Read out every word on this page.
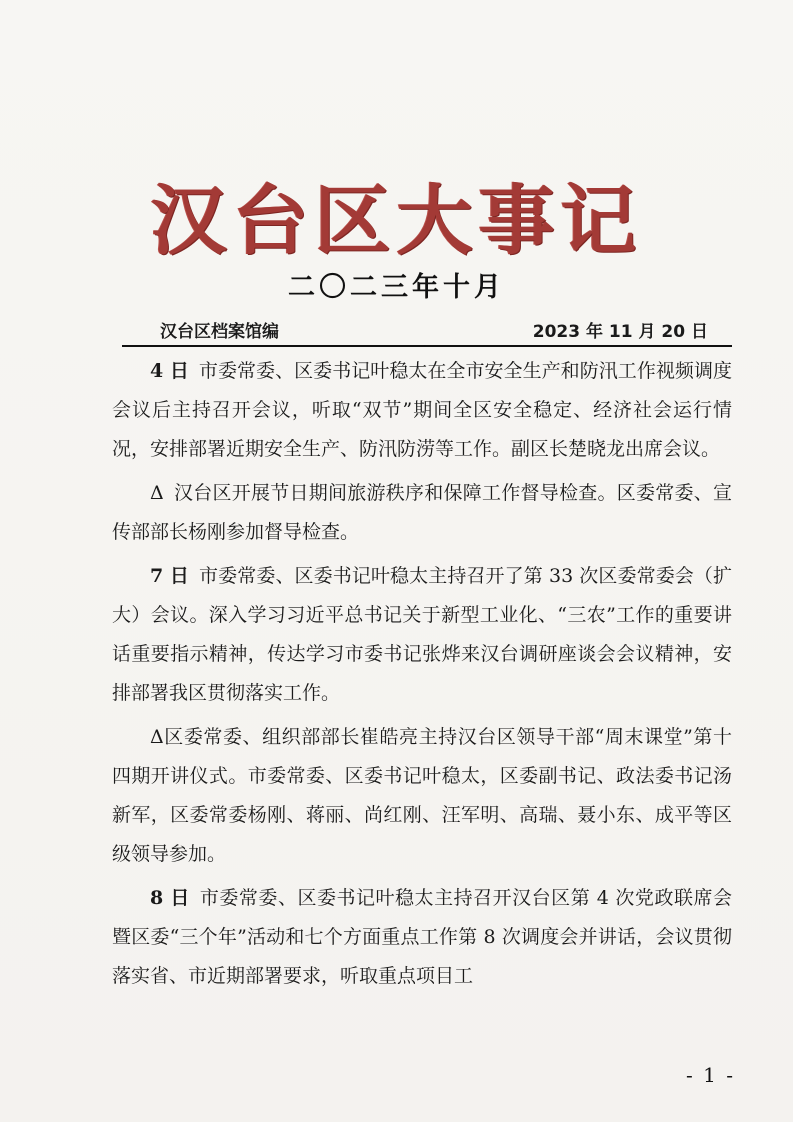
汉台区大事记
二〇二三年十月
汉台区档案馆编	2023 年 11 月 20 日

4 日 市委常委、区委书记叶稳太在全市安全生产和防汛工作视频调度会议后主持召开会议，听取“双节”期间全区安全稳定、经济社会运行情况，安排部署近期安全生产、防汛防涝等工作。副区长楚晓龙出席会议。

Δ 汉台区开展节日期间旅游秩序和保障工作督导检查。区委常委、宣传部部长杨刚参加督导检查。

7 日 市委常委、区委书记叶稳太主持召开了第 33 次区委常委会（扩大）会议。深入学习习近平总书记关于新型工业化、“三农”工作的重要讲话重要指示精神，传达学习市委书记张烨来汉台调研座谈会会议精神，安排部署我区贯彻落实工作。

Δ区委常委、组织部部长崔皓亮主持汉台区领导干部“周末课堂”第十四期开讲仪式。市委常委、区委书记叶稳太，区委副书记、政法委书记汤新军，区委常委杨刚、蒋丽、尚红刚、汪军明、高瑞、聂小东、成平等区级领导参加。

8 日 市委常委、区委书记叶稳太主持召开汉台区第 4 次党政联席会暨区委“三个年”活动和七个方面重点工作第 8 次调度会并讲话，会议贯彻落实省、市近期部署要求，听取重点项目工

- 1 -
